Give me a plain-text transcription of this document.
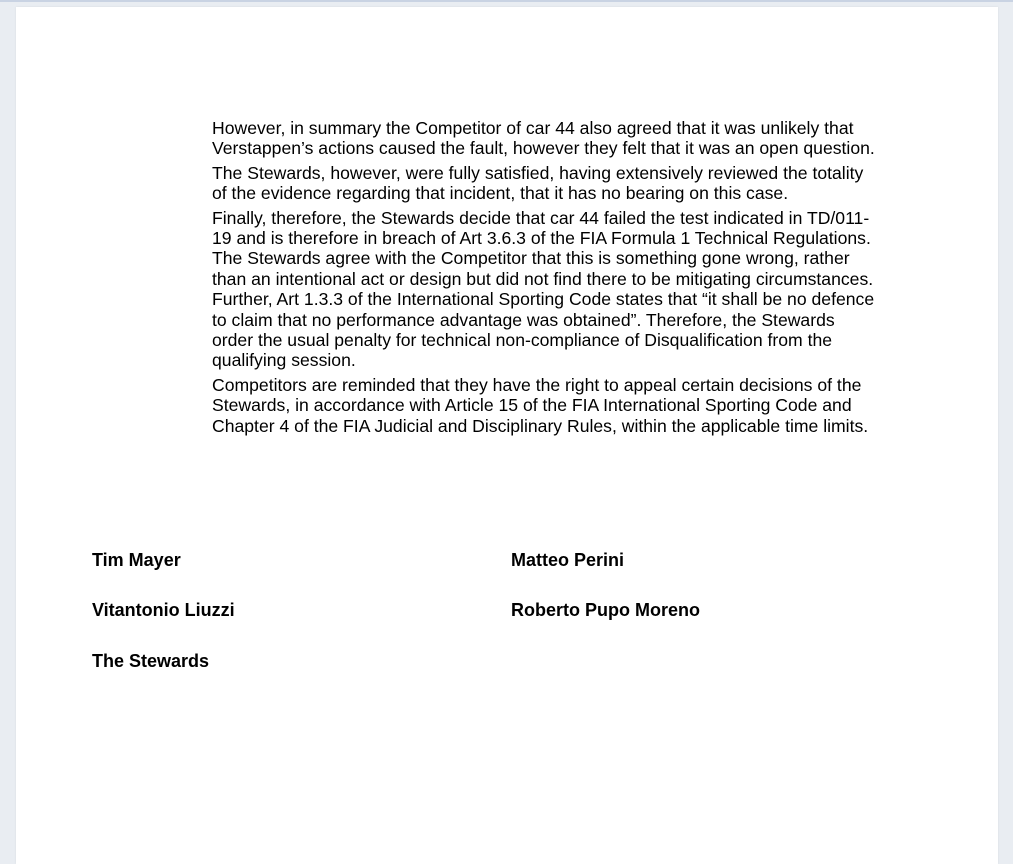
However, in summary the Competitor of car 44 also agreed that it was unlikely that
Verstappen’s actions caused the fault, however they felt that it was an open question.

The Stewards, however, were fully satisfied, having extensively reviewed the totality
of the evidence regarding that incident, that it has no bearing on this case.

Finally, therefore, the Stewards decide that car 44 failed the test indicated in TD/011-
19 and is therefore in breach of Art 3.6.3 of the FIA Formula 1 Technical Regulations.
The Stewards agree with the Competitor that this is something gone wrong, rather
than an intentional act or design but did not find there to be mitigating circumstances.
Further, Art 1.3.3 of the International Sporting Code states that “it shall be no defence
to claim that no performance advantage was obtained”. Therefore, the Stewards
order the usual penalty for technical non-compliance of Disqualification from the
qualifying session.

Competitors are reminded that they have the right to appeal certain decisions of the
Stewards, in accordance with Article 15 of the FIA International Sporting Code and
Chapter 4 of the FIA Judicial and Disciplinary Rules, within the applicable time limits.

Tim Mayer	Matteo Perini
Vitantonio Liuzzi	Roberto Pupo Moreno
The Stewards
